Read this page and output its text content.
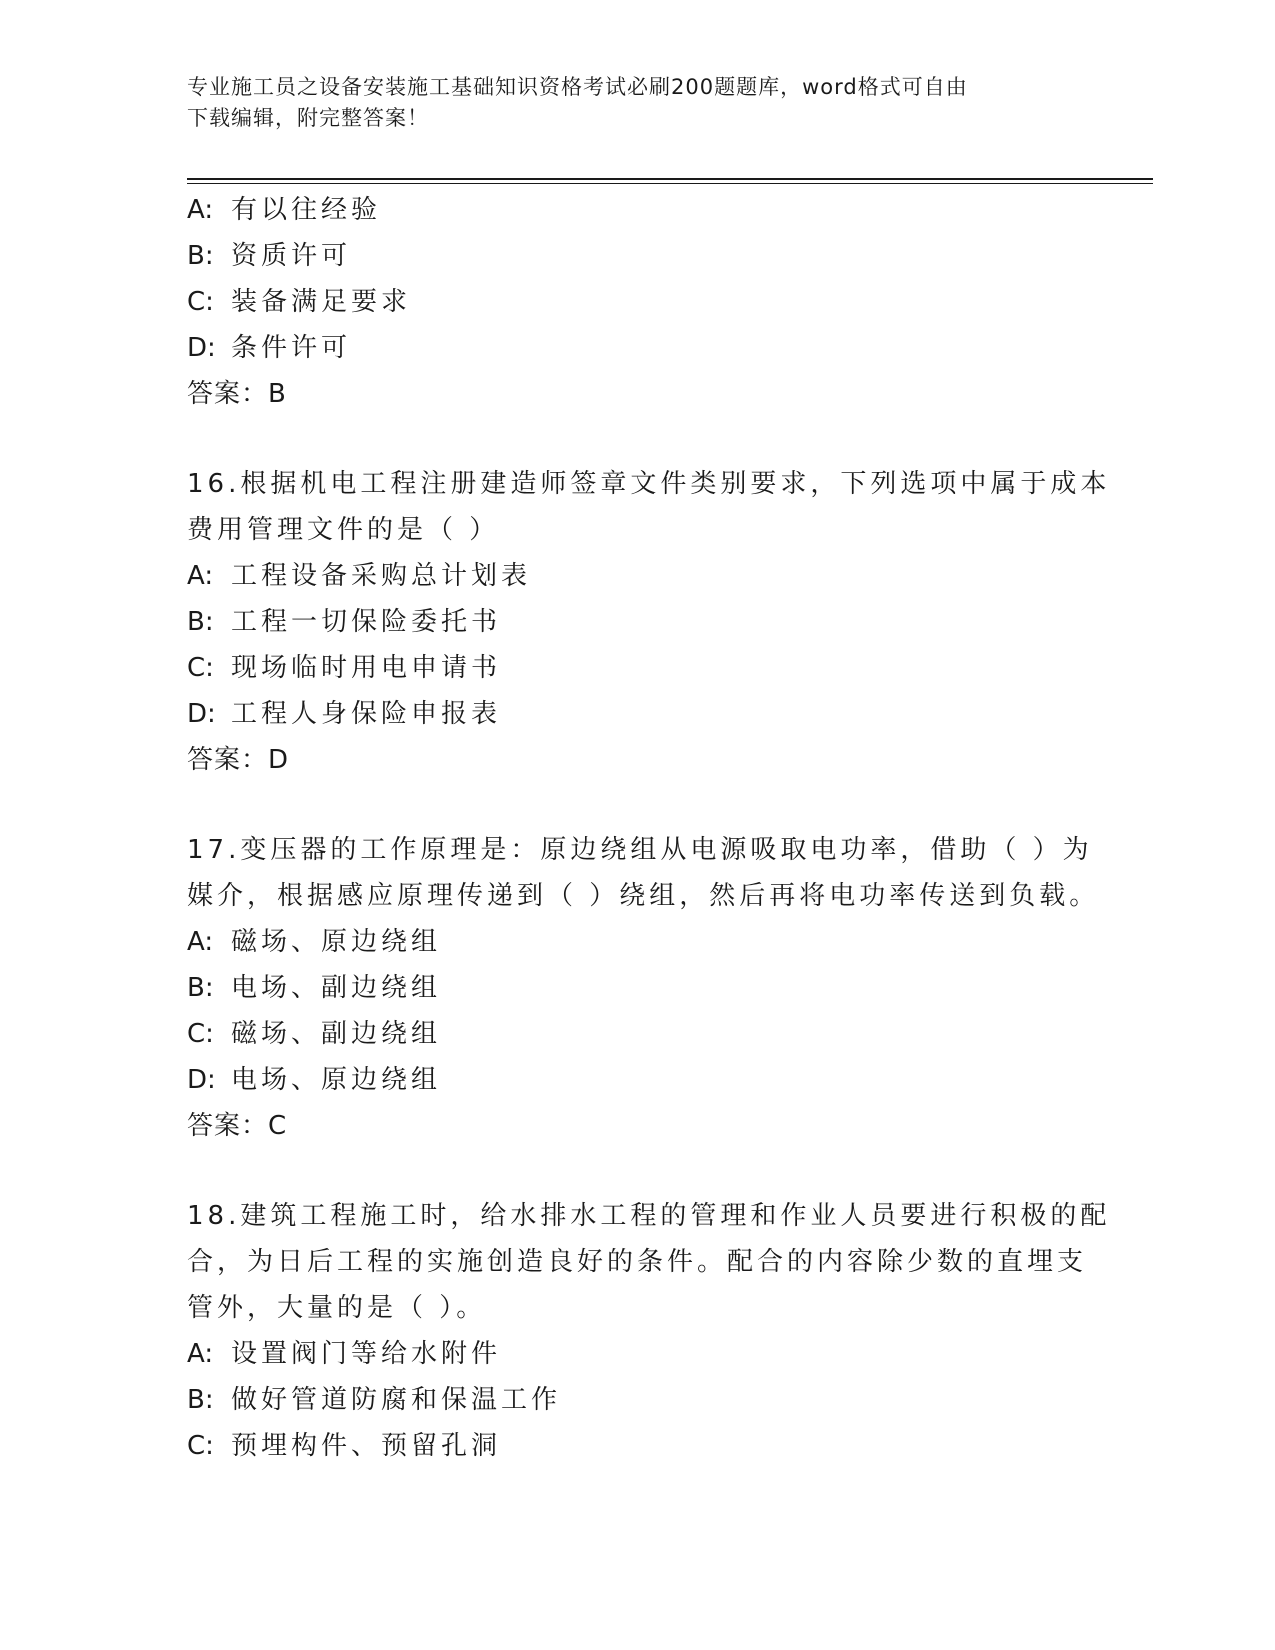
专业施工员之设备安装施工基础知识资格考试必刷200题题库，word格式可自由
下载编辑，附完整答案！
A: 有以往经验
B: 资质许可
C: 装备满足要求
D: 条件许可
答案：B
16.根据机电工程注册建造师签章文件类别要求，下列选项中属于成本
费用管理文件的是（ ）
A: 工程设备采购总计划表
B: 工程一切保险委托书
C: 现场临时用电申请书
D: 工程人身保险申报表
答案：D
17.变压器的工作原理是：原边绕组从电源吸取电功率，借助（ ）为
媒介，根据感应原理传递到（ ）绕组，然后再将电功率传送到负载。
A: 磁场、原边绕组
B: 电场、副边绕组
C: 磁场、副边绕组
D: 电场、原边绕组
答案：C
18.建筑工程施工时，给水排水工程的管理和作业人员要进行积极的配
合，为日后工程的实施创造良好的条件。配合的内容除少数的直埋支
管外，大量的是（ ）。
A: 设置阀门等给水附件
B: 做好管道防腐和保温工作
C: 预埋构件、预留孔洞
